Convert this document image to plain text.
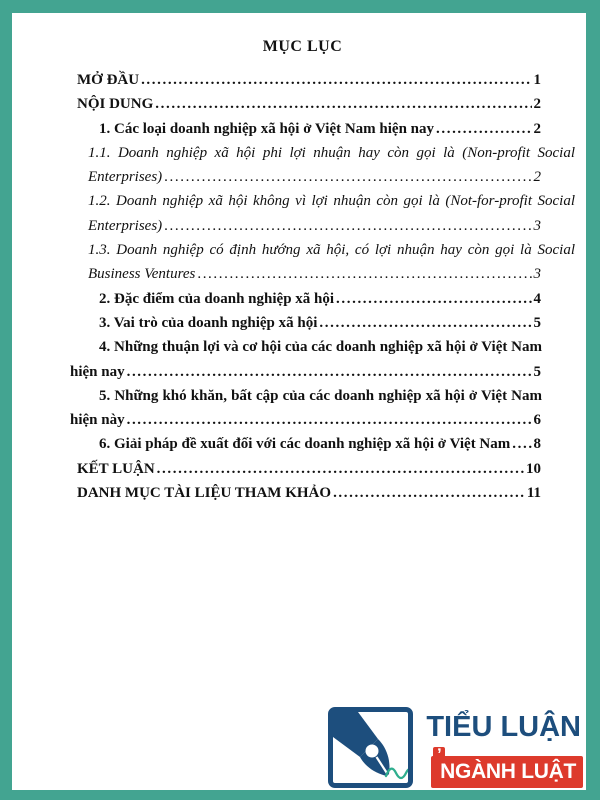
MỤC LỤC
MỞ ĐẦU .....	1
NỘI DUNG .....	2
1. Các loại doanh nghiệp xã hội ở Việt Nam hiện nay .....	2
1.1. Doanh nghiệp xã hội phi lợi nhuận hay còn gọi là (Non-profit Social
Enterprises) .....	2
1.2. Doanh nghiệp xã hội không vì lợi nhuận còn gọi là (Not-for-profit Social
Enterprises) .....	3
1.3. Doanh nghiệp có định hướng xã hội, có lợi nhuận hay còn gọi là Social
Business Ventures .....	3
2. Đặc điểm của doanh nghiệp xã hội .....	4
3. Vai trò của doanh nghiệp xã hội .....	5
4. Những thuận lợi và cơ hội của các doanh nghiệp xã hội ở Việt Nam
hiện nay .....	5
5. Những khó khăn, bất cập của các doanh nghiệp xã hội ở Việt Nam
hiện này .....	6
6. Giải pháp đề xuất đối với các doanh nghiệp xã hội ở Việt Nam ..... 8
KẾT LUẬN .....	10
DANH MỤC TÀI LIỆU THAM KHẢO .....	11
TIỂU LUẬN
ʼ
NGÀNH LUẬT
